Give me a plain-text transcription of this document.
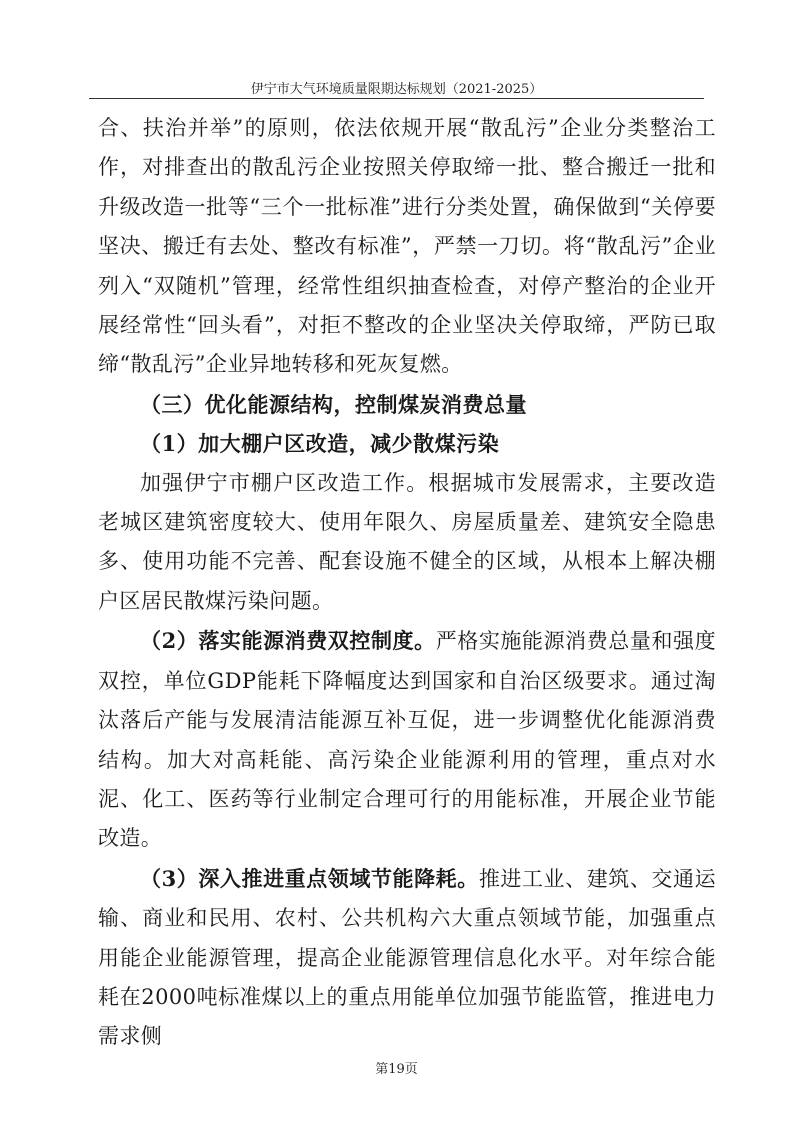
伊宁市大气环境质量限期达标规划（2021-2025）

合、扶治并举”的原则，依法依规开展“散乱污”企业分类整治工作，对排查出的散乱污企业按照关停取缔一批、整合搬迁一批和升级改造一批等“三个一批标准”进行分类处置，确保做到“关停要坚决、搬迁有去处、整改有标准”，严禁一刀切。将“散乱污”企业列入“双随机”管理，经常性组织抽查检查，对停产整治的企业开展经常性“回头看”，对拒不整改的企业坚决关停取缔，严防已取缔“散乱污”企业异地转移和死灰复燃。

（三）优化能源结构，控制煤炭消费总量

（1）加大棚户区改造，减少散煤污染

加强伊宁市棚户区改造工作。根据城市发展需求，主要改造老城区建筑密度较大、使用年限久、房屋质量差、建筑安全隐患多、使用功能不完善、配套设施不健全的区域，从根本上解决棚户区居民散煤污染问题。

（2）落实能源消费双控制度。严格实施能源消费总量和强度双控，单位GDP能耗下降幅度达到国家和自治区级要求。通过淘汰落后产能与发展清洁能源互补互促，进一步调整优化能源消费结构。加大对高耗能、高污染企业能源利用的管理，重点对水泥、化工、医药等行业制定合理可行的用能标准，开展企业节能改造。

（3）深入推进重点领域节能降耗。推进工业、建筑、交通运输、商业和民用、农村、公共机构六大重点领域节能，加强重点用能企业能源管理，提高企业能源管理信息化水平。对年综合能耗在2000吨标准煤以上的重点用能单位加强节能监管，推进电力需求侧

第19页
